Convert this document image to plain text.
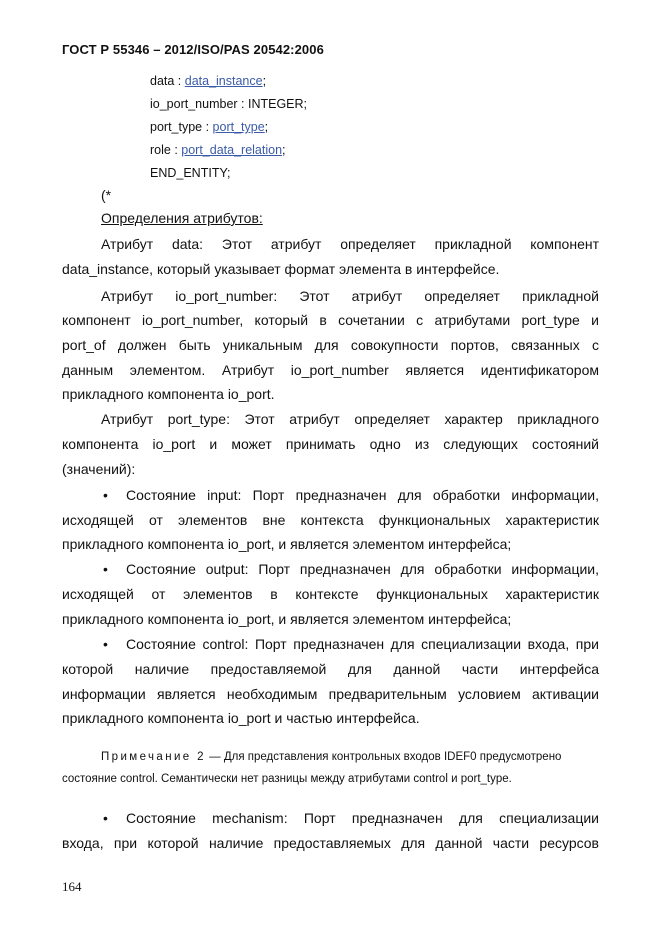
ГОСТ Р 55346 – 2012/ISO/PAS 20542:2006
data : data_instance;
io_port_number : INTEGER;
port_type : port_type;
role : port_data_relation;
END_ENTITY;
(*
Определения атрибутов:
Атрибут data: Этот атрибут определяет прикладной компонент
data_instance, который указывает формат элемента в интерфейсе.
Атрибут io_port_number: Этот атрибут определяет прикладной
компонент io_port_number, который в сочетании с атрибутами port_type и
port_of должен быть уникальным для совокупности портов, связанных с
данным элементом. Атрибут io_port_number является идентификатором
прикладного компонента io_port.
Атрибут port_type: Этот атрибут определяет характер прикладного
компонента io_port и может принимать одно из следующих состояний
(значений):
• Состояние input: Порт предназначен для обработки информации,
исходящей от элементов вне контекста функциональных характеристик
прикладного компонента io_port, и является элементом интерфейса;
• Состояние output: Порт предназначен для обработки информации,
исходящей от элементов в контексте функциональных характеристик
прикладного компонента io_port, и является элементом интерфейса;
• Состояние control: Порт предназначен для специализации входа, при
которой наличие предоставляемой для данной части интерфейса
информации является необходимым предварительным условием активации
прикладного компонента io_port и частью интерфейса.
Примечание 2 — Для представления контрольных входов IDEF0 предусмотрено
состояние control. Семантически нет разницы между атрибутами control и port_type.
• Состояние mechanism: Порт предназначен для специализации
входа, при которой наличие предоставляемых для данной части ресурсов
164
